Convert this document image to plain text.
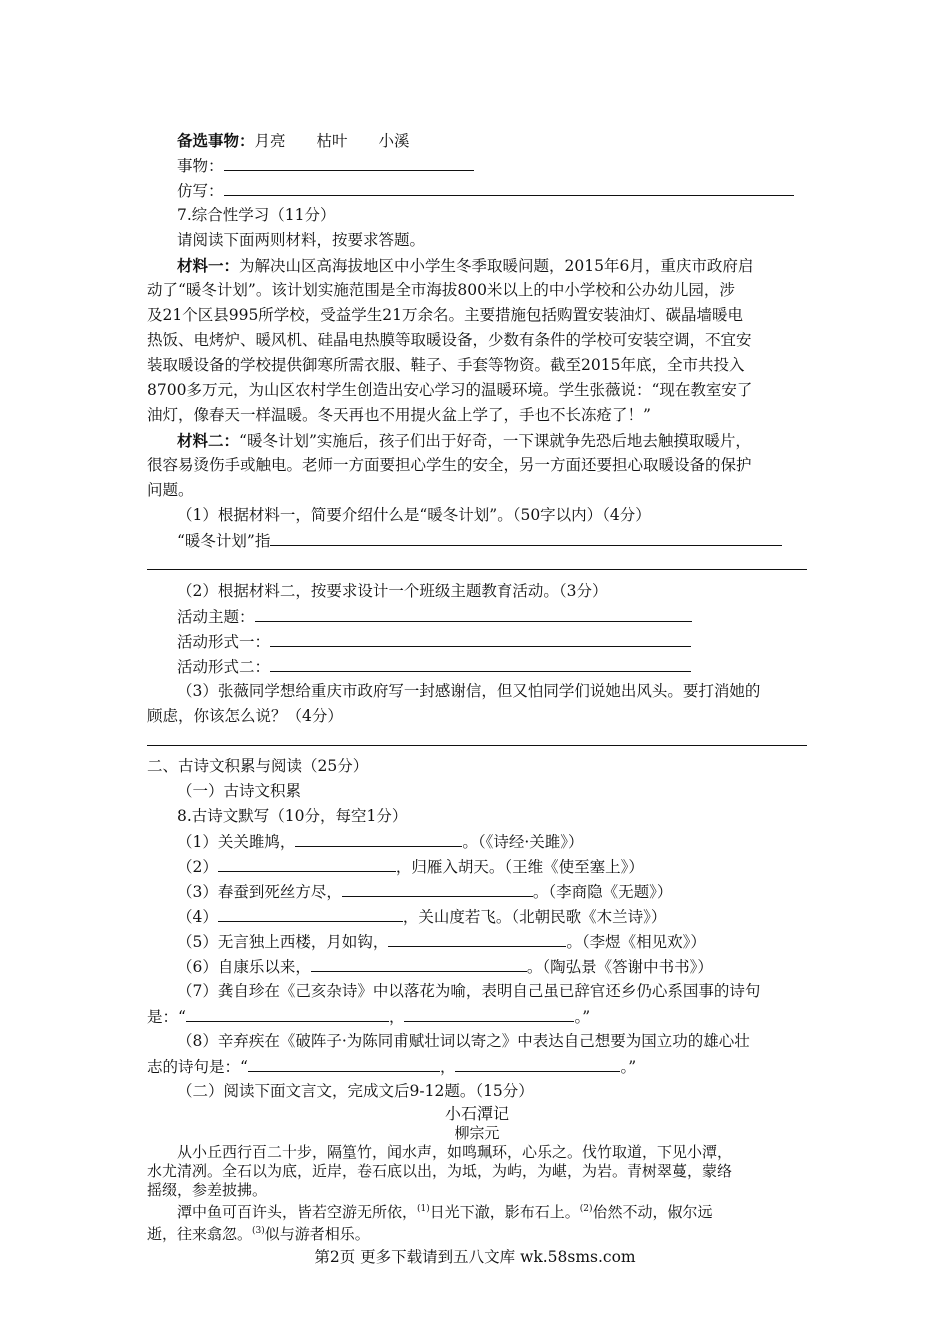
备选事物：月亮　　枯叶　　小溪
事物：
仿写：
7.综合性学习（11分）
请阅读下面两则材料，按要求答题。
材料一：为解决山区高海拔地区中小学生冬季取暖问题，2015年6月，重庆市政府启
动了“暖冬计划”。该计划实施范围是全市海拔800米以上的中小学校和公办幼儿园，涉
及21个区县995所学校，受益学生21万余名。主要措施包括购置安装油灯、碳晶墙暖电
热饭、电烤炉、暖风机、硅晶电热膜等取暖设备，少数有条件的学校可安装空调，不宜安
装取暖设备的学校提供御寒所需衣服、鞋子、手套等物资。截至2015年底，全市共投入
8700多万元，为山区农村学生创造出安心学习的温暖环境。学生张薇说：“现在教室安了
油灯，像春天一样温暖。冬天再也不用提火盆上学了，手也不长冻疮了！”
材料二：“暖冬计划”实施后，孩子们出于好奇，一下课就争先恐后地去触摸取暖片，
很容易烫伤手或触电。老师一方面要担心学生的安全，另一方面还要担心取暖设备的保护
问题。
（1）根据材料一，简要介绍什么是“暖冬计划”。（50字以内）（4分）
“暖冬计划”指
（2）根据材料二，按要求设计一个班级主题教育活动。（3分）
活动主题：
活动形式一：
活动形式二：
（3）张薇同学想给重庆市政府写一封感谢信，但又怕同学们说她出风头。要打消她的
顾虑，你该怎么说？（4分）
二、古诗文积累与阅读（25分）
（一）古诗文积累
8.古诗文默写（10分，每空1分）
（1）关关雎鸠，	。（《诗经·关雎》）
（2）	，归雁入胡天。（王维《使至塞上》）
（3）春蚕到死丝方尽，	。（李商隐《无题》）
（4）	，关山度若飞。（北朝民歌《木兰诗》）
（5）无言独上西楼，月如钩，	。（李煜《相见欢》）
（6）自康乐以来，	。（陶弘景《答谢中书书》）
（7）龚自珍在《己亥杂诗》中以落花为喻，表明自己虽已辞官还乡仍心系国事的诗句
是：“	，	。”
（8）辛弃疾在《破阵子·为陈同甫赋壮词以寄之》中表达自己想要为国立功的雄心壮
志的诗句是：“	，	。”
（二）阅读下面文言文，完成文后9-12题。（15分）
小石潭记
柳宗元
从小丘西行百二十步，隔篁竹，闻水声，如鸣珮环，心乐之。伐竹取道，下见小潭，
水尤清冽。全石以为底，近岸，卷石底以出，为坻，为屿，为嵁，为岩。青树翠蔓，蒙络
摇缀，参差披拂。
潭中鱼可百许头，皆若空游无所依，$^{(1)}$日光下澈，影布石上。$^{(2)}$佁然不动，俶尔远
逝，往来翕忽。$^{(3)}$似与游者相乐。
第2页 更多下载请到五八文库 wk.58sms.com
